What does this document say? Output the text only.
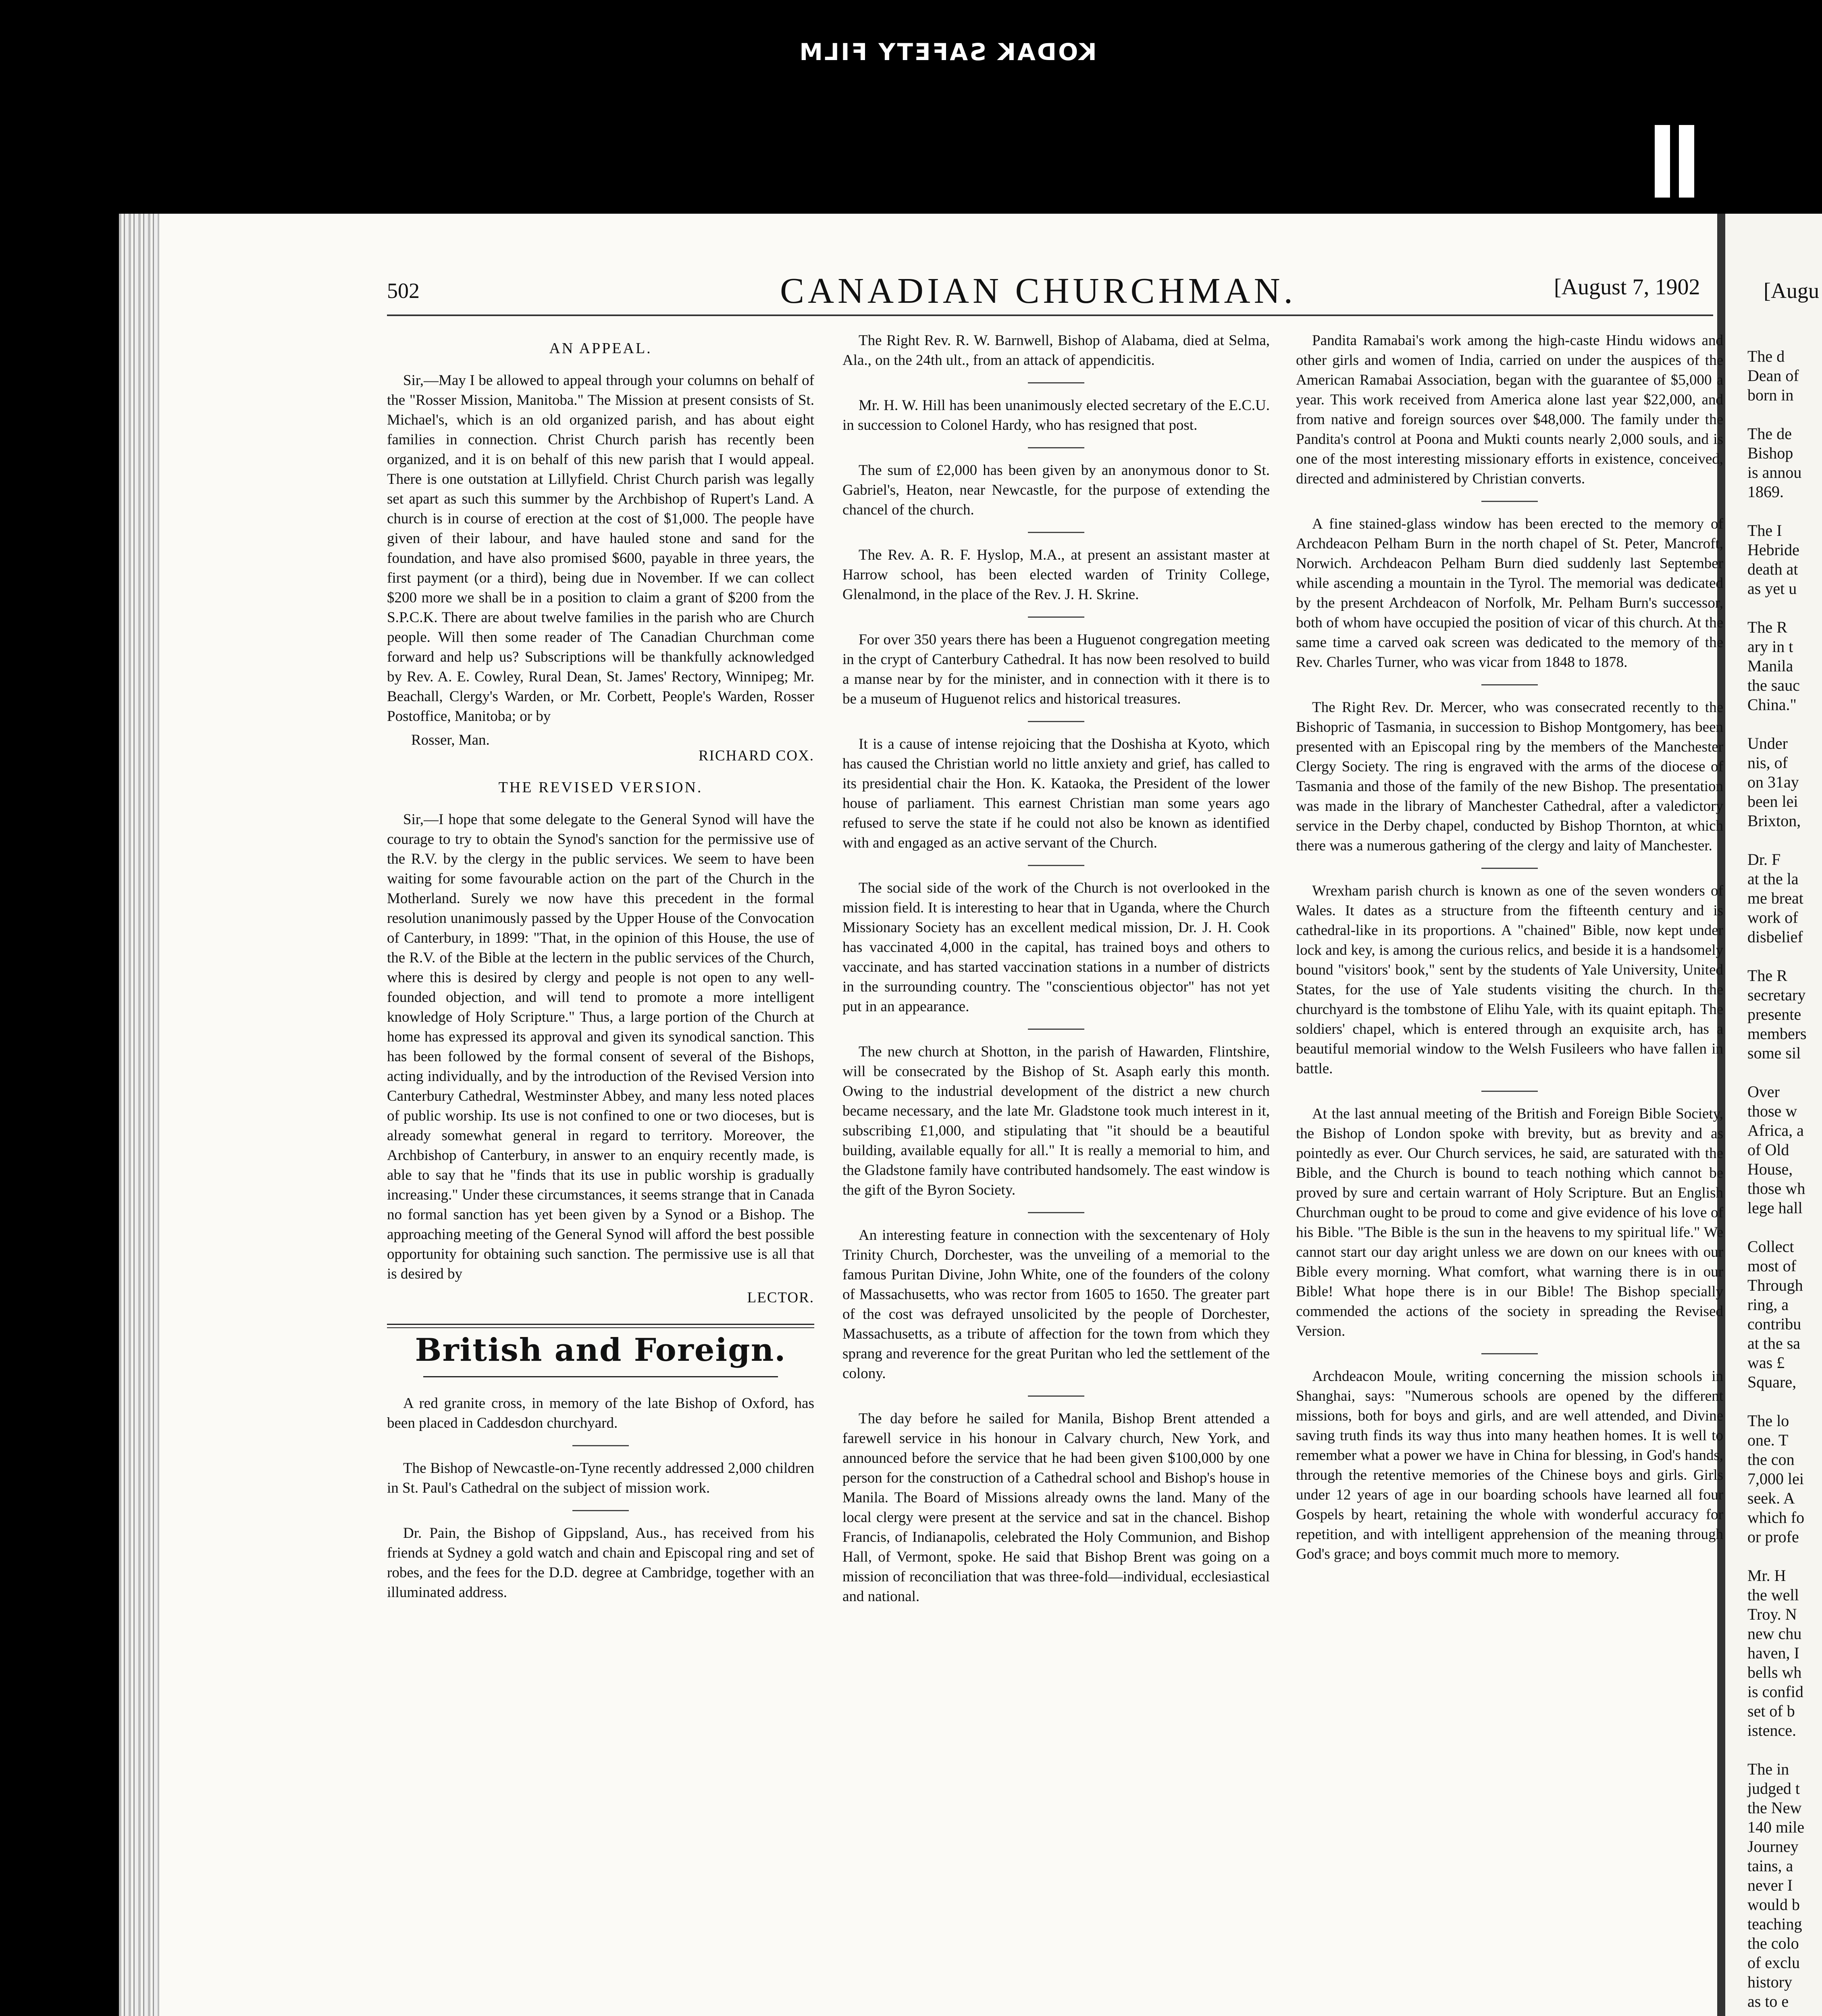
KODAK SAFETY FILM
502	CANADIAN CHURCHMAN.	[August 7, 1902
AN APPEAL.

Sir,—May I be allowed to appeal through your columns on behalf of the "Rosser Mission, Manitoba." The Mission at present consists of St. Michael's, which is an old organized parish, and has about eight families in connection. Christ Church parish has recently been organized, and it is on behalf of this new parish that I would appeal. There is one outstation at Lillyfield. Christ Church parish was legally set apart as such this summer by the Archbishop of Rupert's Land. A church is in course of erection at the cost of $1,000. The people have given of their labour, and have hauled stone and sand for the foundation, and have also promised $600, payable in three years, the first payment (or a third), being due in November. If we can collect $200 more we shall be in a position to claim a grant of $200 from the S.P.C.K. There are about twelve families in the parish who are Church people. Will then some reader of The Canadian Churchman come forward and help us? Subscriptions will be thankfully acknowledged by Rev. A. E. Cowley, Rural Dean, St. James' Rectory, Winnipeg; Mr. Beachall, Clergy's Warden, or Mr. Corbett, People's Warden, Rosser Postoffice, Manitoba; or by

Rosser, Man.
RICHARD COX.
THE REVISED VERSION.

Sir,—I hope that some delegate to the General Synod will have the courage to try to obtain the Synod's sanction for the permissive use of the R.V. by the clergy in the public services. We seem to have been waiting for some favourable action on the part of the Church in the Motherland. Surely we now have this precedent in the formal resolution unanimously passed by the Upper House of the Convocation of Canterbury, in 1899: "That, in the opinion of this House, the use of the R.V. of the Bible at the lectern in the public services of the Church, where this is desired by clergy and people is not open to any well-founded objection, and will tend to promote a more intelligent knowledge of Holy Scripture." Thus, a large portion of the Church at home has expressed its approval and given its synodical sanction. This has been followed by the formal consent of several of the Bishops, acting individually, and by the introduction of the Revised Version into Canterbury Cathedral, Westminster Abbey, and many less noted places of public worship. Its use is not confined to one or two dioceses, but is already somewhat general in regard to territory. Moreover, the Archbishop of Canterbury, in answer to an enquiry recently made, is able to say that he "finds that its use in public worship is gradually increasing." Under these circumstances, it seems strange that in Canada no formal sanction has yet been given by a Synod or a Bishop. The approaching meeting of the General Synod will afford the best possible opportunity for obtaining such sanction. The permissive use is all that is desired by

LECTOR.
British and Foreign.

A red granite cross, in memory of the late Bishop of Oxford, has been placed in Caddesdon churchyard.

The Bishop of Newcastle-on-Tyne recently addressed 2,000 children in St. Paul's Cathedral on the subject of mission work.

Dr. Pain, the Bishop of Gippsland, Aus., has received from his friends at Sydney a gold watch and chain and Episcopal ring and set of robes, and the fees for the D.D. degree at Cambridge, together with an illuminated address.

The Right Rev. R. W. Barnwell, Bishop of Alabama, died at Selma, Ala., on the 24th ult., from an attack of appendicitis.

Mr. H. W. Hill has been unanimously elected secretary of the E.C.U. in succession to Colonel Hardy, who has resigned that post.

The sum of £2,000 has been given by an anonymous donor to St. Gabriel's, Heaton, near Newcastle, for the purpose of extending the chancel of the church.

The Rev. A. R. F. Hyslop, M.A., at present an assistant master at Harrow school, has been elected warden of Trinity College, Glenalmond, in the place of the Rev. J. H. Skrine.

For over 350 years there has been a Huguenot congregation meeting in the crypt of Canterbury Cathedral. It has now been resolved to build a manse near by for the minister, and in connection with it there is to be a museum of Huguenot relics and historical treasures.

It is a cause of intense rejoicing that the Doshisha at Kyoto, which has caused the Christian world no little anxiety and grief, has called to its presidential chair the Hon. K. Kataoka, the President of the lower house of parliament. This earnest Christian man some years ago refused to serve the state if he could not also be known as identified with and engaged as an active servant of the Church.

The social side of the work of the Church is not overlooked in the mission field. It is interesting to hear that in Uganda, where the Church Missionary Society has an excellent medical mission, Dr. J. H. Cook has vaccinated 4,000 in the capital, has trained boys and others to vaccinate, and has started vaccination stations in a number of districts in the surrounding country. The "conscientious objector" has not yet put in an appearance.

The new church at Shotton, in the parish of Hawarden, Flintshire, will be consecrated by the Bishop of St. Asaph early this month. Owing to the industrial development of the district a new church became necessary, and the late Mr. Gladstone took much interest in it, subscribing £1,000, and stipulating that "it should be a beautiful building, available equally for all." It is really a memorial to him, and the Gladstone family have contributed handsomely. The east window is the gift of the Byron Society.

An interesting feature in connection with the sexcentenary of Holy Trinity Church, Dorchester, was the unveiling of a memorial to the famous Puritan Divine, John White, one of the founders of the colony of Massachusetts, who was rector from 1605 to 1650. The greater part of the cost was defrayed unsolicited by the people of Dorchester, Massachusetts, as a tribute of affection for the town from which they sprang and reverence for the great Puritan who led the settlement of the colony.

The day before he sailed for Manila, Bishop Brent attended a farewell service in his honour in Calvary church, New York, and announced before the service that he had been given $100,000 by one person for the construction of a Cathedral school and Bishop's house in Manila. The Board of Missions already owns the land. Many of the local clergy were present at the service and sat in the chancel. Bishop Francis, of Indianapolis, celebrated the Holy Communion, and Bishop Hall, of Vermont, spoke. He said that Bishop Brent was going on a mission of reconciliation that was three-fold—individual, ecclesiastical and national.

Pandita Ramabai's work among the high-caste Hindu widows and other girls and women of India, carried on under the auspices of the American Ramabai Association, began with the guarantee of $5,000 a year. This work received from America alone last year $22,000, and from native and foreign sources over $48,000. The family under the Pandita's control at Poona and Mukti counts nearly 2,000 souls, and is one of the most interesting missionary efforts in existence, conceived, directed and administered by Christian converts.

A fine stained-glass window has been erected to the memory of Archdeacon Pelham Burn in the north chapel of St. Peter, Mancroft, Norwich. Archdeacon Pelham Burn died suddenly last September while ascending a mountain in the Tyrol. The memorial was dedicated by the present Archdeacon of Norfolk, Mr. Pelham Burn's successor, both of whom have occupied the position of vicar of this church. At the same time a carved oak screen was dedicated to the memory of the Rev. Charles Turner, who was vicar from 1848 to 1878.

The Right Rev. Dr. Mercer, who was consecrated recently to the Bishopric of Tasmania, in succession to Bishop Montgomery, has been presented with an Episcopal ring by the members of the Manchester Clergy Society. The ring is engraved with the arms of the diocese of Tasmania and those of the family of the new Bishop. The presentation was made in the library of Manchester Cathedral, after a valedictory service in the Derby chapel, conducted by Bishop Thornton, at which there was a numerous gathering of the clergy and laity of Manchester.

Wrexham parish church is known as one of the seven wonders of Wales. It dates as a structure from the fifteenth century and is cathedral-like in its proportions. A "chained" Bible, now kept under lock and key, is among the curious relics, and beside it is a handsomely bound "visitors' book," sent by the students of Yale University, United States, for the use of Yale students visiting the church. In the churchyard is the tombstone of Elihu Yale, with its quaint epitaph. The soldiers' chapel, which is entered through an exquisite arch, has a beautiful memorial window to the Welsh Fusileers who have fallen in battle.

At the last annual meeting of the British and Foreign Bible Society, the Bishop of London spoke with brevity, but as brevity and as pointedly as ever. Our Church services, he said, are saturated with the Bible, and the Church is bound to teach nothing which cannot be proved by sure and certain warrant of Holy Scripture. But an English Churchman ought to be proud to come and give evidence of his love of his Bible. "The Bible is the sun in the heavens to my spiritual life." We cannot start our day aright unless we are down on our knees with our Bible every morning. What comfort, what warning there is in our Bible! What hope there is in our Bible! The Bishop specially commended the actions of the society in spreading the Revised Version.

Archdeacon Moule, writing concerning the mission schools in Shanghai, says: "Numerous schools are opened by the different missions, both for boys and girls, and are well attended, and Divine saving truth finds its way thus into many heathen homes. It is well to remember what a power we have in China for blessing, in God's hands, through the retentive memories of the Chinese boys and girls. Girls under 12 years of age in our boarding schools have learned all four Gospels by heart, retaining the whole with wonderful accuracy for repetition, and with intelligent apprehension of the meaning through God's grace; and boys commit much more to memory.

[Augu
The d
Dean of
born in
The de
Bishop
is annou
1869.
The I
Hebride
death at
as yet u
The R
ary in t
Manila
the sauc
China."
Under
nis, of
on 31ay
been lei
Brixton,
Dr. F
at the la
me breat
work of
disbelief
The R
secretary
presente
members
some sil
Over
those w
Africa, a
of Old
House,
those wh
lege hall
Collect
most of
Through
ring, a
contribu
at the sa
was £
Square,
The lo
one. T
the con
7,000 lei
seek. A
which fo
or profe
Mr. H
the well
Troy. N
new chu
haven, I
bells wh
is confid
set of b
istence.
The in
judged t
the New
140 mile
Journey
tains, a
never I
would b
teaching
the colo
of exclu
history
as to e
